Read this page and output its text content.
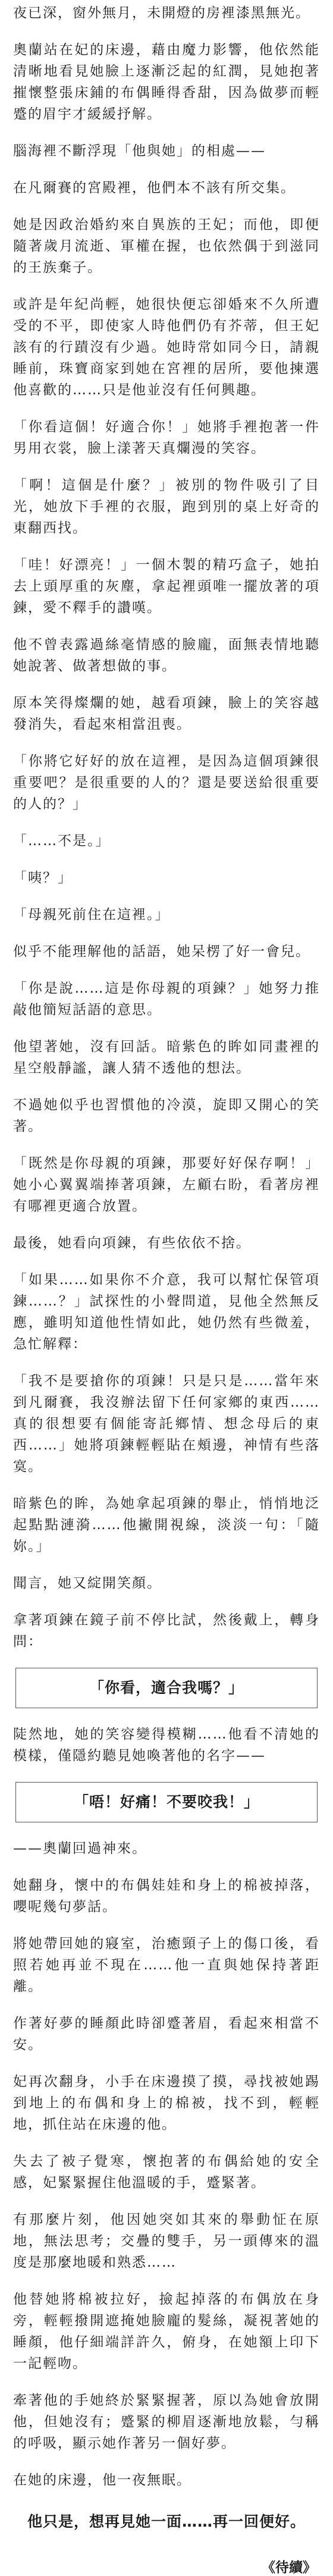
夜已深，窗外無月，未開燈的房裡漆黑無光。

奧蘭站在妃的床邊，藉由魔力影響，他依然能清晰地看見她臉上逐漸泛起的紅潤，見她抱著摧懷整張床鋪的布偶睡得香甜，因為做夢而輕蹙的眉宇才緩緩抒解。

腦海裡不斷浮現「他與她」的相處——

在凡爾賽的宮殿裡，他們本不該有所交集。

她是因政治婚約來自異族的王妃；而他，即便隨著歲月流逝、軍權在握，也依然偶于到滋同的王族棄子。

或許是年紀尚輕，她很快便忘卻婚來不久所遭受的不平，即使家人時他們仍有芥蒂，但王妃該有的行蹟沒有少過。她時常如同今日，請親睡前，珠寶商家到她在宮裡的居所，要他揀選他喜歡的……只是他並沒有任何興趣。

「你看這個！好適合你！」她將手裡抱著一件男用衣裳，臉上漾著天真爛漫的笑容。

「啊！這個是什麼？」被別的物件吸引了目光，她放下手裡的衣服，跑到別的桌上好奇的東翻西找。

「哇！好漂亮！」一個木製的精巧盒子，她拍去上頭厚重的灰塵，拿起裡頭唯一擺放著的項鍊，愛不釋手的讚嘆。

他不曾表露過絲毫情感的臉龐，面無表情地聽她說著、做著想做的事。

原本笑得燦爛的她，越看項鍊，臉上的笑容越發消失，看起來相當沮喪。

「你將它好好的放在這裡，是因為這個項鍊很重要吧？是很重要的人的？還是要送給很重要的人的？」

「……不是。」

「咦？」

「母親死前住在這裡。」

似乎不能理解他的話語，她呆楞了好一會兒。

「你是說……這是你母親的項鍊？」她努力推敲他簡短話語的意思。

他望著她，沒有回話。暗紫色的眸如同畫裡的星空般靜謐，讓人猜不透他的想法。

不過她似乎也習慣他的冷漠，旋即又開心的笑著。

「既然是你母親的項鍊，那要好好保存啊！」她小心翼翼端捧著項鍊，左顧右盼，看著房裡有哪裡更適合放置。

最後，她看向項鍊，有些依依不捨。

「如果……如果你不介意，我可以幫忙保管項鍊……？」試探性的小聲問道，見他全然無反應，雖明知道他性情如此，她仍然有些微羞，急忙解釋：

「我不是要搶你的項鍊！只是只是……當年來到凡爾賽，我沒辦法留下任何家鄉的東西……真的很想要有個能寄託鄉情、想念母后的東西……」她將項鍊輕輕貼在頰邊，神情有些落寞。

暗紫色的眸，為她拿起項鍊的舉止，悄悄地泛起點點漣漪……他撇開視線，淡淡一句：「隨妳。」

聞言，她又綻開笑顏。

拿著項鍊在鏡子前不停比試，然後戴上，轉身問：

「你看，適合我嗎？」

陡然地，她的笑容變得模糊……他看不清她的模樣，僅隱約聽見她喚著他的名字——

「唔！好痛！不要咬我！」

——奧蘭回過神來。

她翻身，懷中的布偶娃娃和身上的棉被掉落，嚶呢幾句夢話。

將她帶回她的寢室，治癒頸子上的傷口後，看照若她再並不現在……他一直與她保持著距離。

作著好夢的睡顏此時卻蹙著眉，看起來相當不安。

妃再次翻身，小手在床邊摸了摸，尋找被她踢到地上的布偶和身上的棉被，找不到，輕輕地，抓住站在床邊的他。

失去了被子覺寒，懷抱著的布偶給她的安全感，妃緊緊握住他溫暖的手，蹙緊著。

有那麼片刻，他因她突如其來的舉動怔在原地，無法思考；交疊的雙手，另一頭傳來的溫度是那麼地暖和熟悉……

他替她將棉被拉好，撿起掉落的布偶放在身旁，輕輕撥開遮掩她臉龐的髮絲，凝視著她的睡顏，他仔細端詳許久，俯身，在她額上印下一記輕吻。

牽著他的手她終於緊緊握著，原以為她會放開他，但她沒有；蹙緊的柳眉逐漸地放鬆，勻稱的呼吸，顯示她作著另一個好夢。

在她的床邊，他一夜無眠。

他只是，想再見她一面……再一回便好。
《待續》
